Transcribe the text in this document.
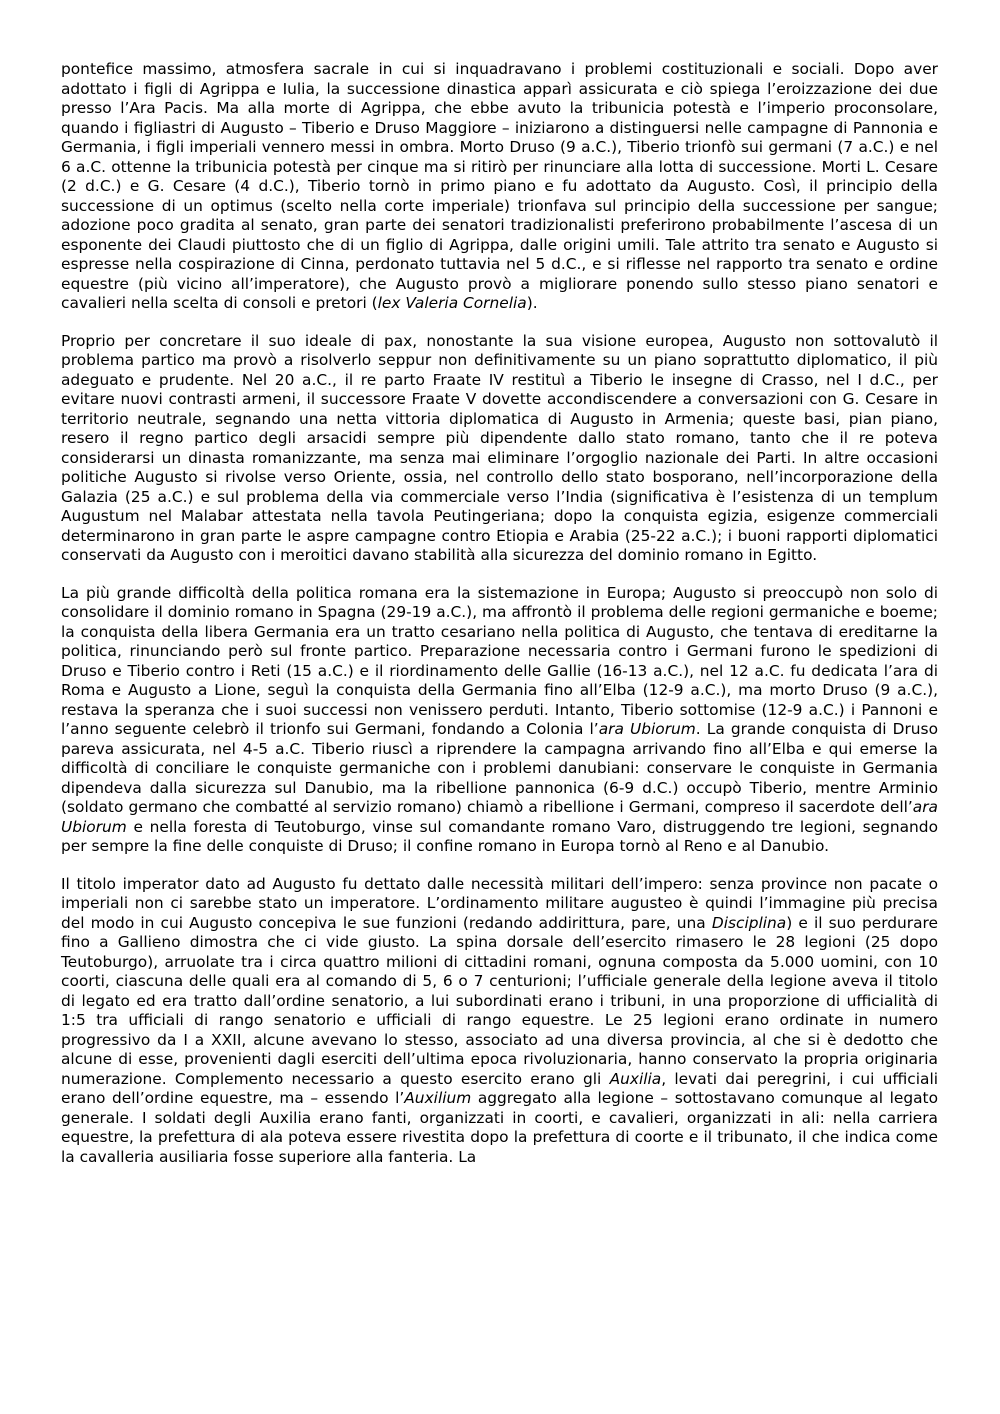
pontefice massimo, atmosfera sacrale in cui si inquadravano i problemi costituzionali e sociali. Dopo aver adottato i figli di Agrippa e Iulia, la successione dinastica apparì assicurata e ciò spiega l’eroizzazione dei due presso l’Ara Pacis. Ma alla morte di Agrippa, che ebbe avuto la tribunicia potestà e l’imperio proconsolare, quando i figliastri di Augusto – Tiberio e Druso Maggiore – iniziarono a distinguersi nelle campagne di Pannonia e Germania, i figli imperiali vennero messi in ombra. Morto Druso (9 a.C.), Tiberio trionfò sui germani (7 a.C.) e nel 6 a.C. ottenne la tribunicia potestà per cinque ma si ritirò per rinunciare alla lotta di successione. Morti L. Cesare (2 d.C.) e G. Cesare (4 d.C.), Tiberio tornò in primo piano e fu adottato da Augusto. Così, il principio della successione di un optimus (scelto nella corte imperiale) trionfava sul principio della successione per sangue; adozione poco gradita al senato, gran parte dei senatori tradizionalisti preferirono probabilmente l’ascesa di un esponente dei Claudi piuttosto che di un figlio di Agrippa, dalle origini umili. Tale attrito tra senato e Augusto si espresse nella cospirazione di Cinna, perdonato tuttavia nel 5 d.C., e si riflesse nel rapporto tra senato e ordine equestre (più vicino all’imperatore), che Augusto provò a migliorare ponendo sullo stesso piano senatori e cavalieri nella scelta di consoli e pretori (lex Valeria Cornelia).

Proprio per concretare il suo ideale di pax, nonostante la sua visione europea, Augusto non sottovalutò il problema partico ma provò a risolverlo seppur non definitivamente su un piano soprattutto diplomatico, il più adeguato e prudente. Nel 20 a.C., il re parto Fraate IV restituì a Tiberio le insegne di Crasso, nel I d.C., per evitare nuovi contrasti armeni, il successore Fraate V dovette accondiscendere a conversazioni con G. Cesare in territorio neutrale, segnando una netta vittoria diplomatica di Augusto in Armenia; queste basi, pian piano, resero il regno partico degli arsacidi sempre più dipendente dallo stato romano, tanto che il re poteva considerarsi un dinasta romanizzante, ma senza mai eliminare l’orgoglio nazionale dei Parti. In altre occasioni politiche Augusto si rivolse verso Oriente, ossia, nel controllo dello stato bosporano, nell’incorporazione della Galazia (25 a.C.) e sul problema della via commerciale verso l’India (significativa è l’esistenza di un templum Augustum nel Malabar attestata nella tavola Peutingeriana; dopo la conquista egizia, esigenze commerciali determinarono in gran parte le aspre campagne contro Etiopia e Arabia (25-22 a.C.); i buoni rapporti diplomatici conservati da Augusto con i meroitici davano stabilità alla sicurezza del dominio romano in Egitto.

La più grande difficoltà della politica romana era la sistemazione in Europa; Augusto si preoccupò non solo di consolidare il dominio romano in Spagna (29-19 a.C.), ma affrontò il problema delle regioni germaniche e boeme; la conquista della libera Germania era un tratto cesariano nella politica di Augusto, che tentava di ereditarne la politica, rinunciando però sul fronte partico. Preparazione necessaria contro i Germani furono le spedizioni di Druso e Tiberio contro i Reti (15 a.C.) e il riordinamento delle Gallie (16-13 a.C.), nel 12 a.C. fu dedicata l’ara di Roma e Augusto a Lione, seguì la conquista della Germania fino all’Elba (12-9 a.C.), ma morto Druso (9 a.C.), restava la speranza che i suoi successi non venissero perduti. Intanto, Tiberio sottomise (12-9 a.C.) i Pannoni e l’anno seguente celebrò il trionfo sui Germani, fondando a Colonia l’ara Ubiorum. La grande conquista di Druso pareva assicurata, nel 4-5 a.C. Tiberio riuscì a riprendere la campagna arrivando fino all’Elba e qui emerse la difficoltà di conciliare le conquiste germaniche con i problemi danubiani: conservare le conquiste in Germania dipendeva dalla sicurezza sul Danubio, ma la ribellione pannonica (6-9 d.C.) occupò Tiberio, mentre Arminio (soldato germano che combatté al servizio romano) chiamò a ribellione i Germani, compreso il sacerdote dell’ara Ubiorum e nella foresta di Teutoburgo, vinse sul comandante romano Varo, distruggendo tre legioni, segnando per sempre la fine delle conquiste di Druso; il confine romano in Europa tornò al Reno e al Danubio.

Il titolo imperator dato ad Augusto fu dettato dalle necessità militari dell’impero: senza province non pacate o imperiali non ci sarebbe stato un imperatore. L’ordinamento militare augusteo è quindi l’immagine più precisa del modo in cui Augusto concepiva le sue funzioni (redando addirittura, pare, una Disciplina) e il suo perdurare fino a Gallieno dimostra che ci vide giusto. La spina dorsale dell’esercito rimasero le 28 legioni (25 dopo Teutoburgo), arruolate tra i circa quattro milioni di cittadini romani, ognuna composta da 5.000 uomini, con 10 coorti, ciascuna delle quali era al comando di 5, 6 o 7 centurioni; l’ufficiale generale della legione aveva il titolo di legato ed era tratto dall’ordine senatorio, a lui subordinati erano i tribuni, in una proporzione di ufficialità di 1:5 tra ufficiali di rango senatorio e ufficiali di rango equestre. Le 25 legioni erano ordinate in numero progressivo da I a XXII, alcune avevano lo stesso, associato ad una diversa provincia, al che si è dedotto che alcune di esse, provenienti dagli eserciti dell’ultima epoca rivoluzionaria, hanno conservato la propria originaria numerazione. Complemento necessario a questo esercito erano gli Auxilia, levati dai peregrini, i cui ufficiali erano dell’ordine equestre, ma – essendo l’Auxilium aggregato alla legione – sottostavano comunque al legato generale. I soldati degli Auxilia erano fanti, organizzati in coorti, e cavalieri, organizzati in ali: nella carriera equestre, la prefettura di ala poteva essere rivestita dopo la prefettura di coorte e il tribunato, il che indica come la cavalleria ausiliaria fosse superiore alla fanteria. La
